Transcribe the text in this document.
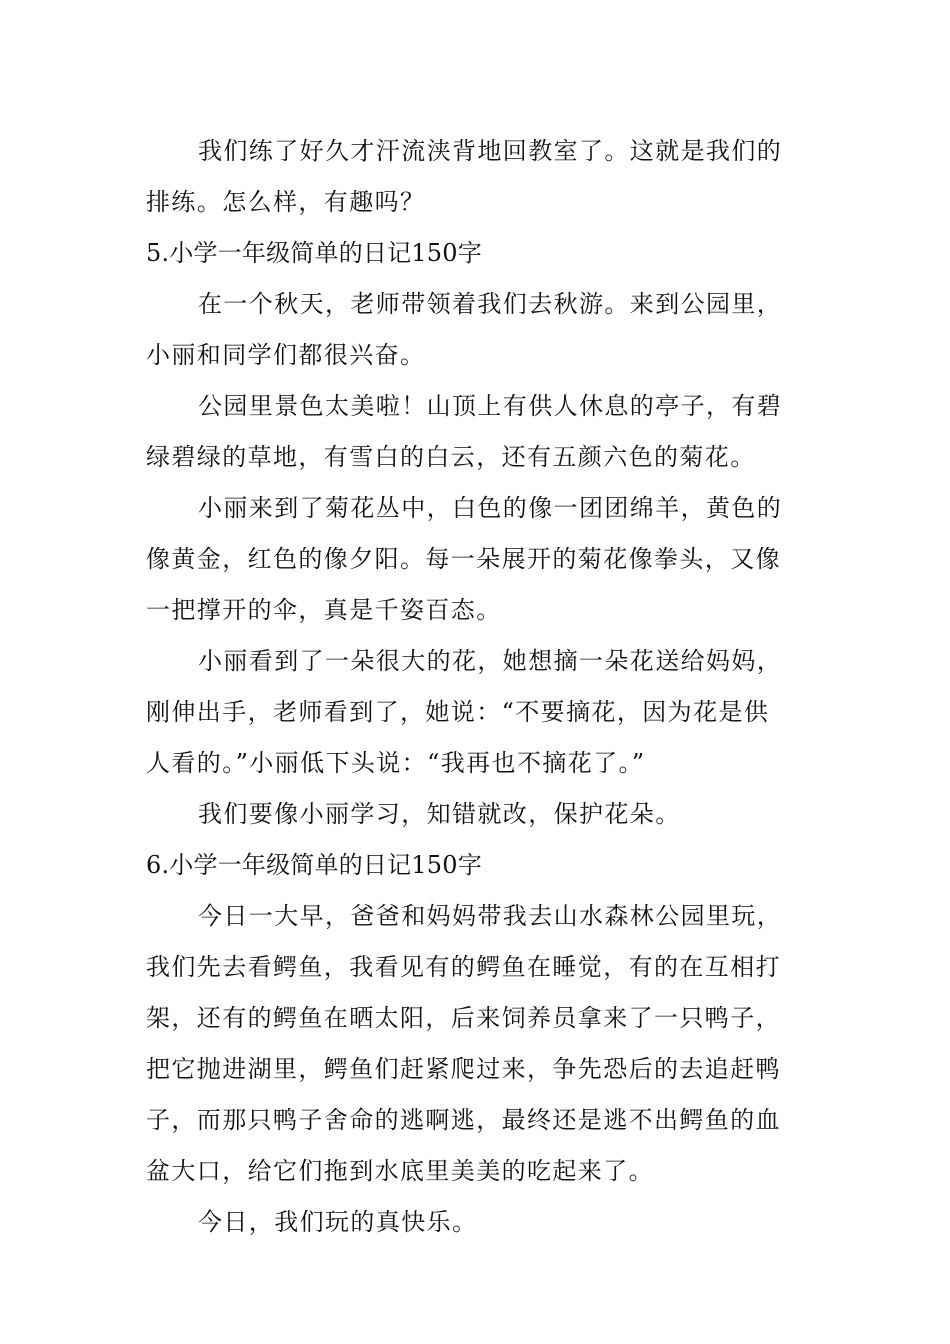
我们练了好久才汗流浃背地回教室了。这就是我们的
排练。怎么样，有趣吗？
5.小学一年级简单的日记150字
在一个秋天，老师带领着我们去秋游。来到公园里，
小丽和同学们都很兴奋。
公园里景色太美啦！山顶上有供人休息的亭子，有碧
绿碧绿的草地，有雪白的白云，还有五颜六色的菊花。
小丽来到了菊花丛中，白色的像一团团绵羊，黄色的
像黄金，红色的像夕阳。每一朵展开的菊花像拳头，又像
一把撑开的伞，真是千姿百态。
小丽看到了一朵很大的花，她想摘一朵花送给妈妈，
刚伸出手，老师看到了，她说：“不要摘花，因为花是供
人看的。”小丽低下头说：“我再也不摘花了。”
我们要像小丽学习，知错就改，保护花朵。
6.小学一年级简单的日记150字
今日一大早，爸爸和妈妈带我去山水森林公园里玩，
我们先去看鳄鱼，我看见有的鳄鱼在睡觉，有的在互相打
架，还有的鳄鱼在晒太阳，后来饲养员拿来了一只鸭子，
把它抛进湖里，鳄鱼们赶紧爬过来，争先恐后的去追赶鸭
子，而那只鸭子舍命的逃啊逃，最终还是逃不出鳄鱼的血
盆大口，给它们拖到水底里美美的吃起来了。
今日，我们玩的真快乐。
